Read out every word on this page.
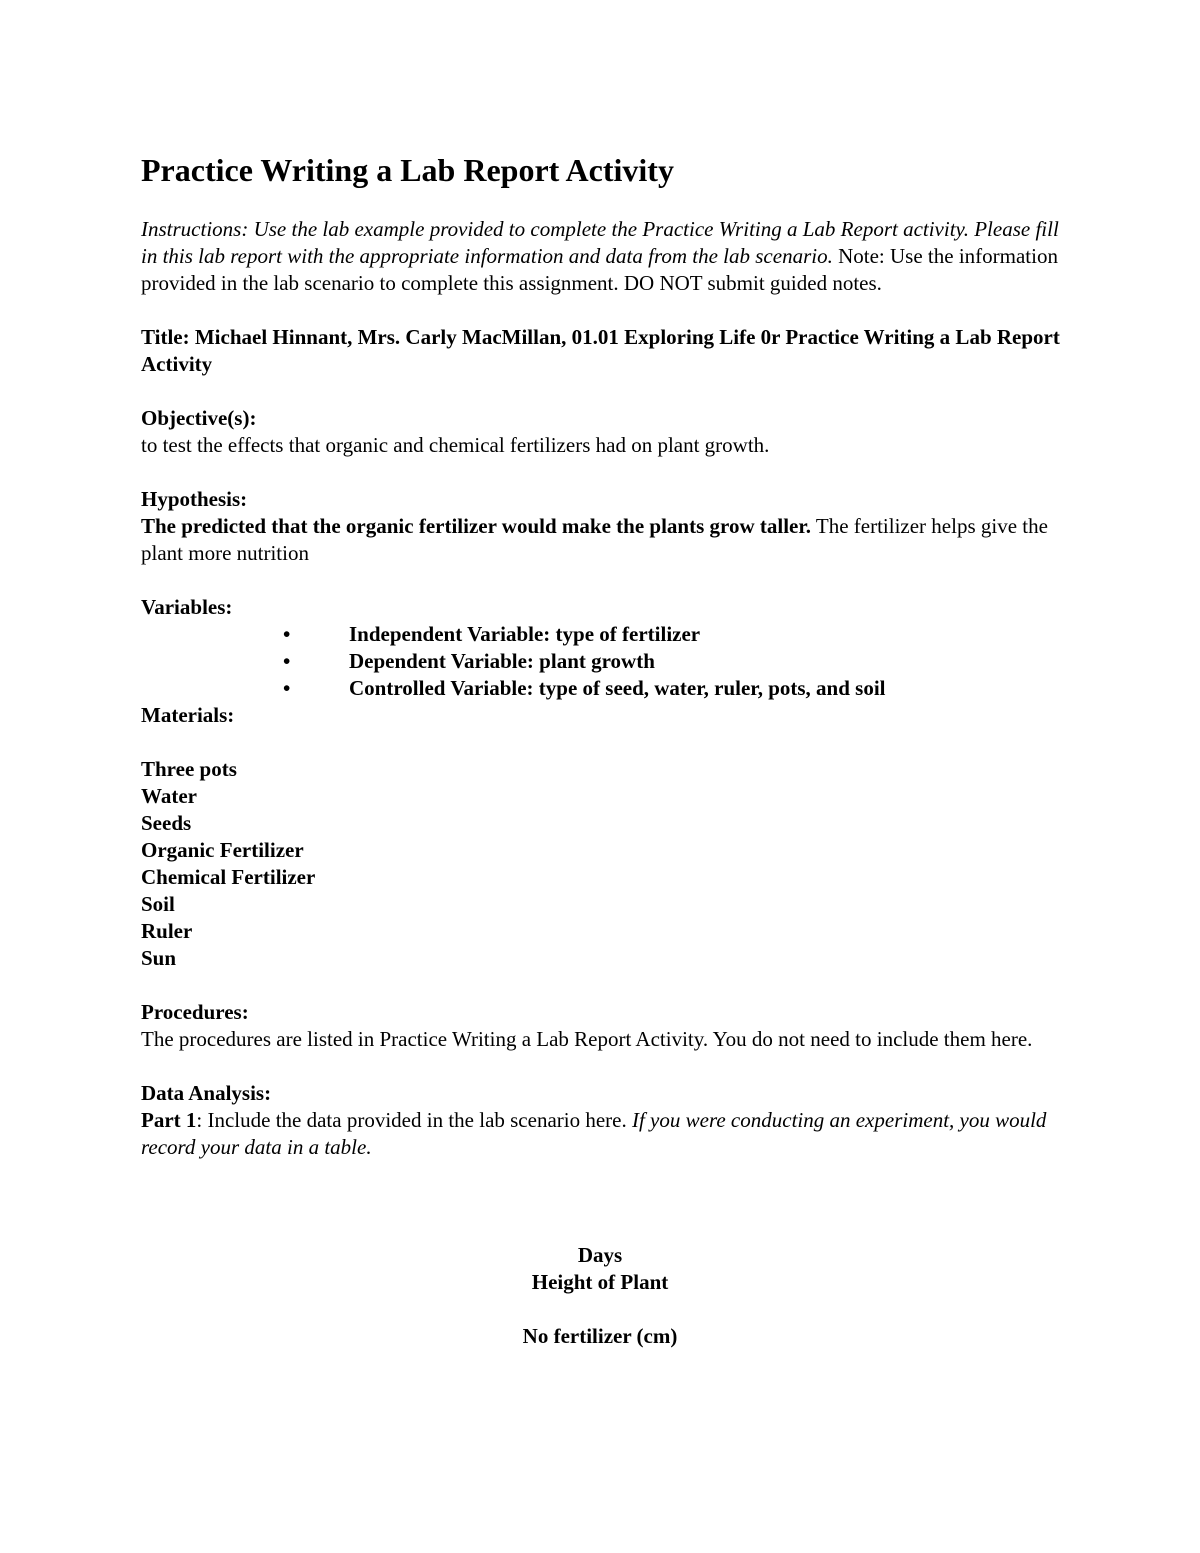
Practice Writing a Lab Report Activity

Instructions: Use the lab example provided to complete the Practice Writing a Lab Report activity. Please fill in this lab report with the appropriate information and data from the lab scenario. Note: Use the information provided in the lab scenario to complete this assignment. DO NOT submit guided notes.

Title: Michael Hinnant, Mrs. Carly MacMillan, 01.01 Exploring Life 0r Practice Writing a Lab Report Activity

Objective(s):

to test the effects that organic and chemical fertilizers had on plant growth.

Hypothesis:

The predicted that the organic fertilizer would make the plants grow taller. The fertilizer helps give the plant more nutrition

Variables:

•	Independent Variable: type of fertilizer
•	Dependent Variable: plant growth
•	Controlled Variable: type of seed, water, ruler, pots, and soil

Materials:

Three pots

Water

Seeds

Organic Fertilizer

Chemical Fertilizer

Soil

Ruler

Sun

Procedures:

The procedures are listed in Practice Writing a Lab Report Activity. You do not need to include them here.

Data Analysis:

Part 1: Include the data provided in the lab scenario here. If you were conducting an experiment, you would record your data in a table.

Days

Height of Plant

No fertilizer (cm)
